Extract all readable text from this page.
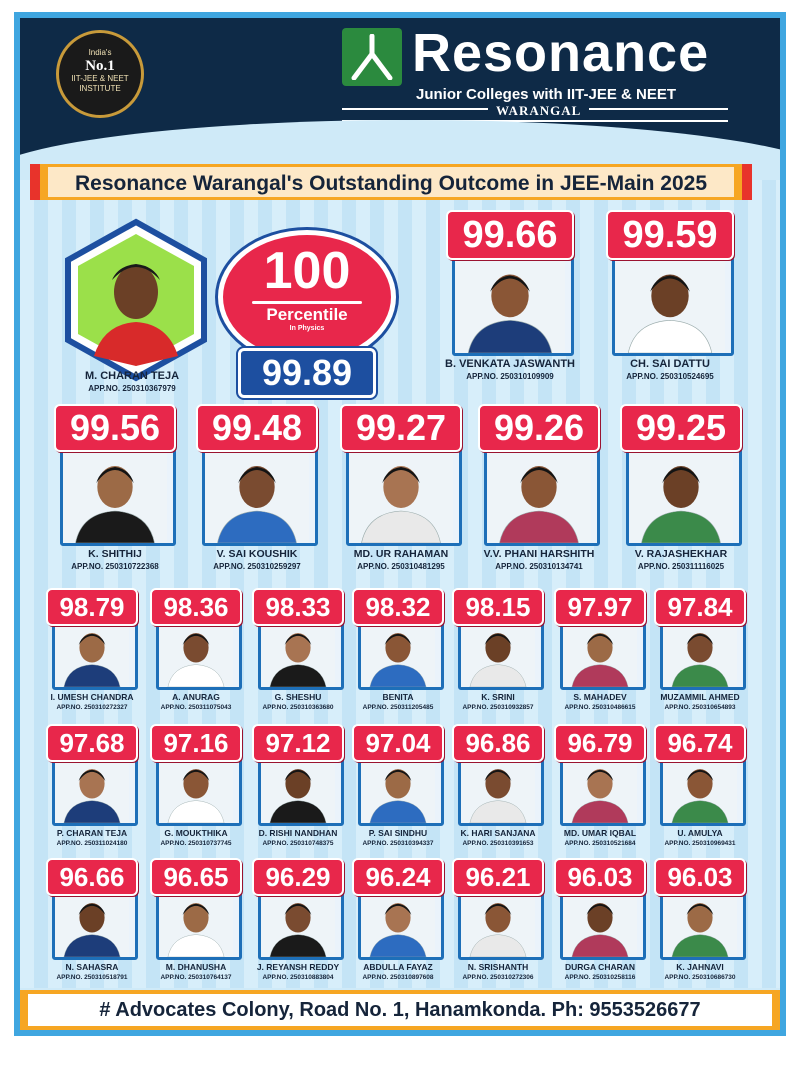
India's
No.1
IIT-JEE & NEET INSTITUTE
Resonance
Junior Colleges with IIT-JEE & NEET
WARANGAL
Resonance Warangal's Outstanding Outcome in JEE-Main 2025
M. CHARAN TEJA
APP.NO. 250310367979
100
Percentile
In Physics
99.89
99.66
B. VENKATA JASWANTH
APP.NO. 250310109909
99.59
CH. SAI DATTU
APP.NO. 250310524695
99.56
K. SHITHIJ
APP.NO. 250310722368
99.48
V. SAI KOUSHIK
APP.NO. 250310259297
99.27
MD. UR RAHAMAN
APP.NO. 250310481295
99.26
V.V. PHANI HARSHITH
APP.NO. 250310134741
99.25
V. RAJASHEKHAR
APP.NO. 250311116025
98.79
I. UMESH CHANDRA
APP.NO. 250310272327
98.36
A. ANURAG
APP.NO. 250311075043
98.33
G. SHESHU
APP.NO. 250310363680
98.32
BENITA
APP.NO. 250311205485
98.15
K. SRINI
APP.NO. 250310932857
97.97
S. MAHADEV
APP.NO. 250310486615
97.84
MUZAMMIL AHMED
APP.NO. 250310654893
97.68
P. CHARAN TEJA
APP.NO. 250311024180
97.16
G. MOUKTHIKA
APP.NO. 250310737745
97.12
D. RISHI NANDHAN
APP.NO. 250310748375
97.04
P. SAI SINDHU
APP.NO. 250310394337
96.86
K. HARI SANJANA
APP.NO. 250310391653
96.79
MD. UMAR IQBAL
APP.NO. 250310521684
96.74
U. AMULYA
APP.NO. 250310969431
96.66
N. SAHASRA
APP.NO. 250310518791
96.65
M. DHANUSHA
APP.NO. 250310764137
96.29
J. REYANSH REDDY
APP.NO. 250310883804
96.24
ABDULLA FAYAZ
APP.NO. 250310897608
96.21
N. SRISHANTH
APP.NO. 250310272306
96.03
DURGA CHARAN
APP.NO. 250310258116
96.03
K. JAHNAVI
APP.NO. 250310686730
# Advocates Colony, Road No. 1, Hanamkonda. Ph: 9553526677
